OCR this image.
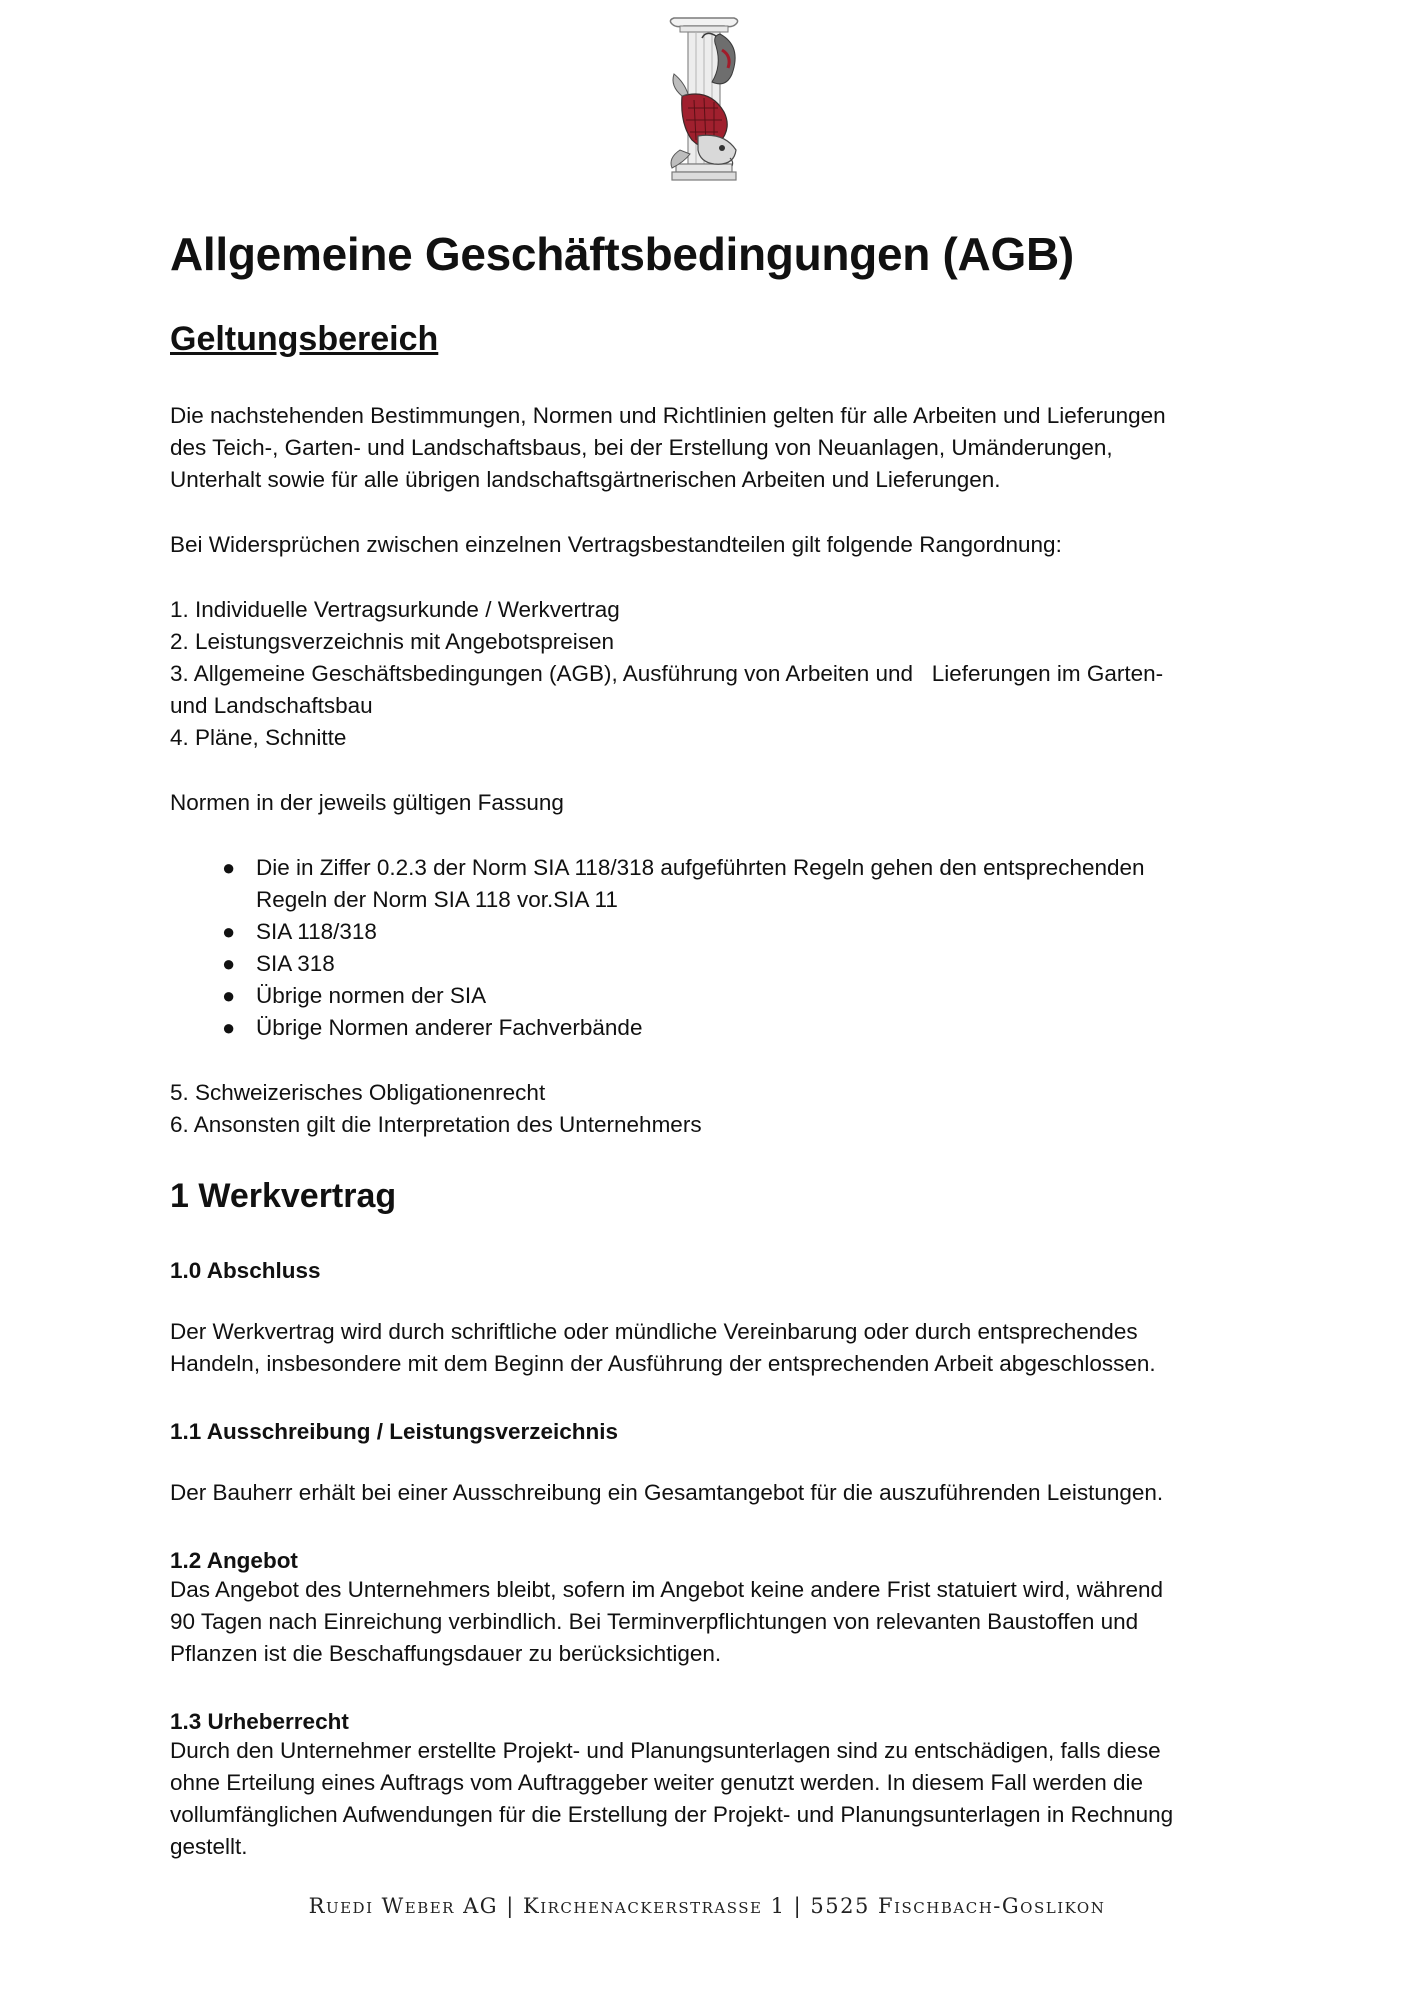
Allgemeine Geschäftsbedingungen (AGB)
Geltungsbereich
Die nachstehenden Bestimmungen, Normen und Richtlinien gelten für alle Arbeiten und Lieferungen
des Teich-, Garten- und Landschaftsbaus, bei der Erstellung von Neuanlagen, Umänderungen,
Unterhalt sowie für alle übrigen landschaftsgärtnerischen Arbeiten und Lieferungen.
Bei Widersprüchen zwischen einzelnen Vertragsbestandteilen gilt folgende Rangordnung:
1. Individuelle Vertragsurkunde / Werkvertrag
2. Leistungsverzeichnis mit Angebotspreisen
3. Allgemeine Geschäftsbedingungen (AGB), Ausführung von Arbeiten und   Lieferungen im Garten-
und Landschaftsbau
4. Pläne, Schnitte
Normen in der jeweils gültigen Fassung
● Die in Ziffer 0.2.3 der Norm SIA 118/318 aufgeführten Regeln gehen den entsprechenden
Regeln der Norm SIA 118 vor.SIA 11
● SIA 118/318
● SIA 318
● Übrige normen der SIA
● Übrige Normen anderer Fachverbände
5. Schweizerisches Obligationenrecht
6. Ansonsten gilt die Interpretation des Unternehmers
1 Werkvertrag
1.0 Abschluss
Der Werkvertrag wird durch schriftliche oder mündliche Vereinbarung oder durch entsprechendes
Handeln, insbesondere mit dem Beginn der Ausführung der entsprechenden Arbeit abgeschlossen.
1.1 Ausschreibung / Leistungsverzeichnis
Der Bauherr erhält bei einer Ausschreibung ein Gesamtangebot für die auszuführenden Leistungen.
1.2 Angebot
Das Angebot des Unternehmers bleibt, sofern im Angebot keine andere Frist statuiert wird, während
90 Tagen nach Einreichung verbindlich. Bei Terminverpflichtungen von relevanten Baustoffen und
Pflanzen ist die Beschaffungsdauer zu berücksichtigen.
1.3 Urheberrecht
Durch den Unternehmer erstellte Projekt- und Planungsunterlagen sind zu entschädigen, falls diese
ohne Erteilung eines Auftrags vom Auftraggeber weiter genutzt werden. In diesem Fall werden die
vollumfänglichen Aufwendungen für die Erstellung der Projekt- und Planungsunterlagen in Rechnung
gestellt.
Ruedi Weber AG | Kirchenackerstrasse 1 | 5525 Fischbach-Goslikon
